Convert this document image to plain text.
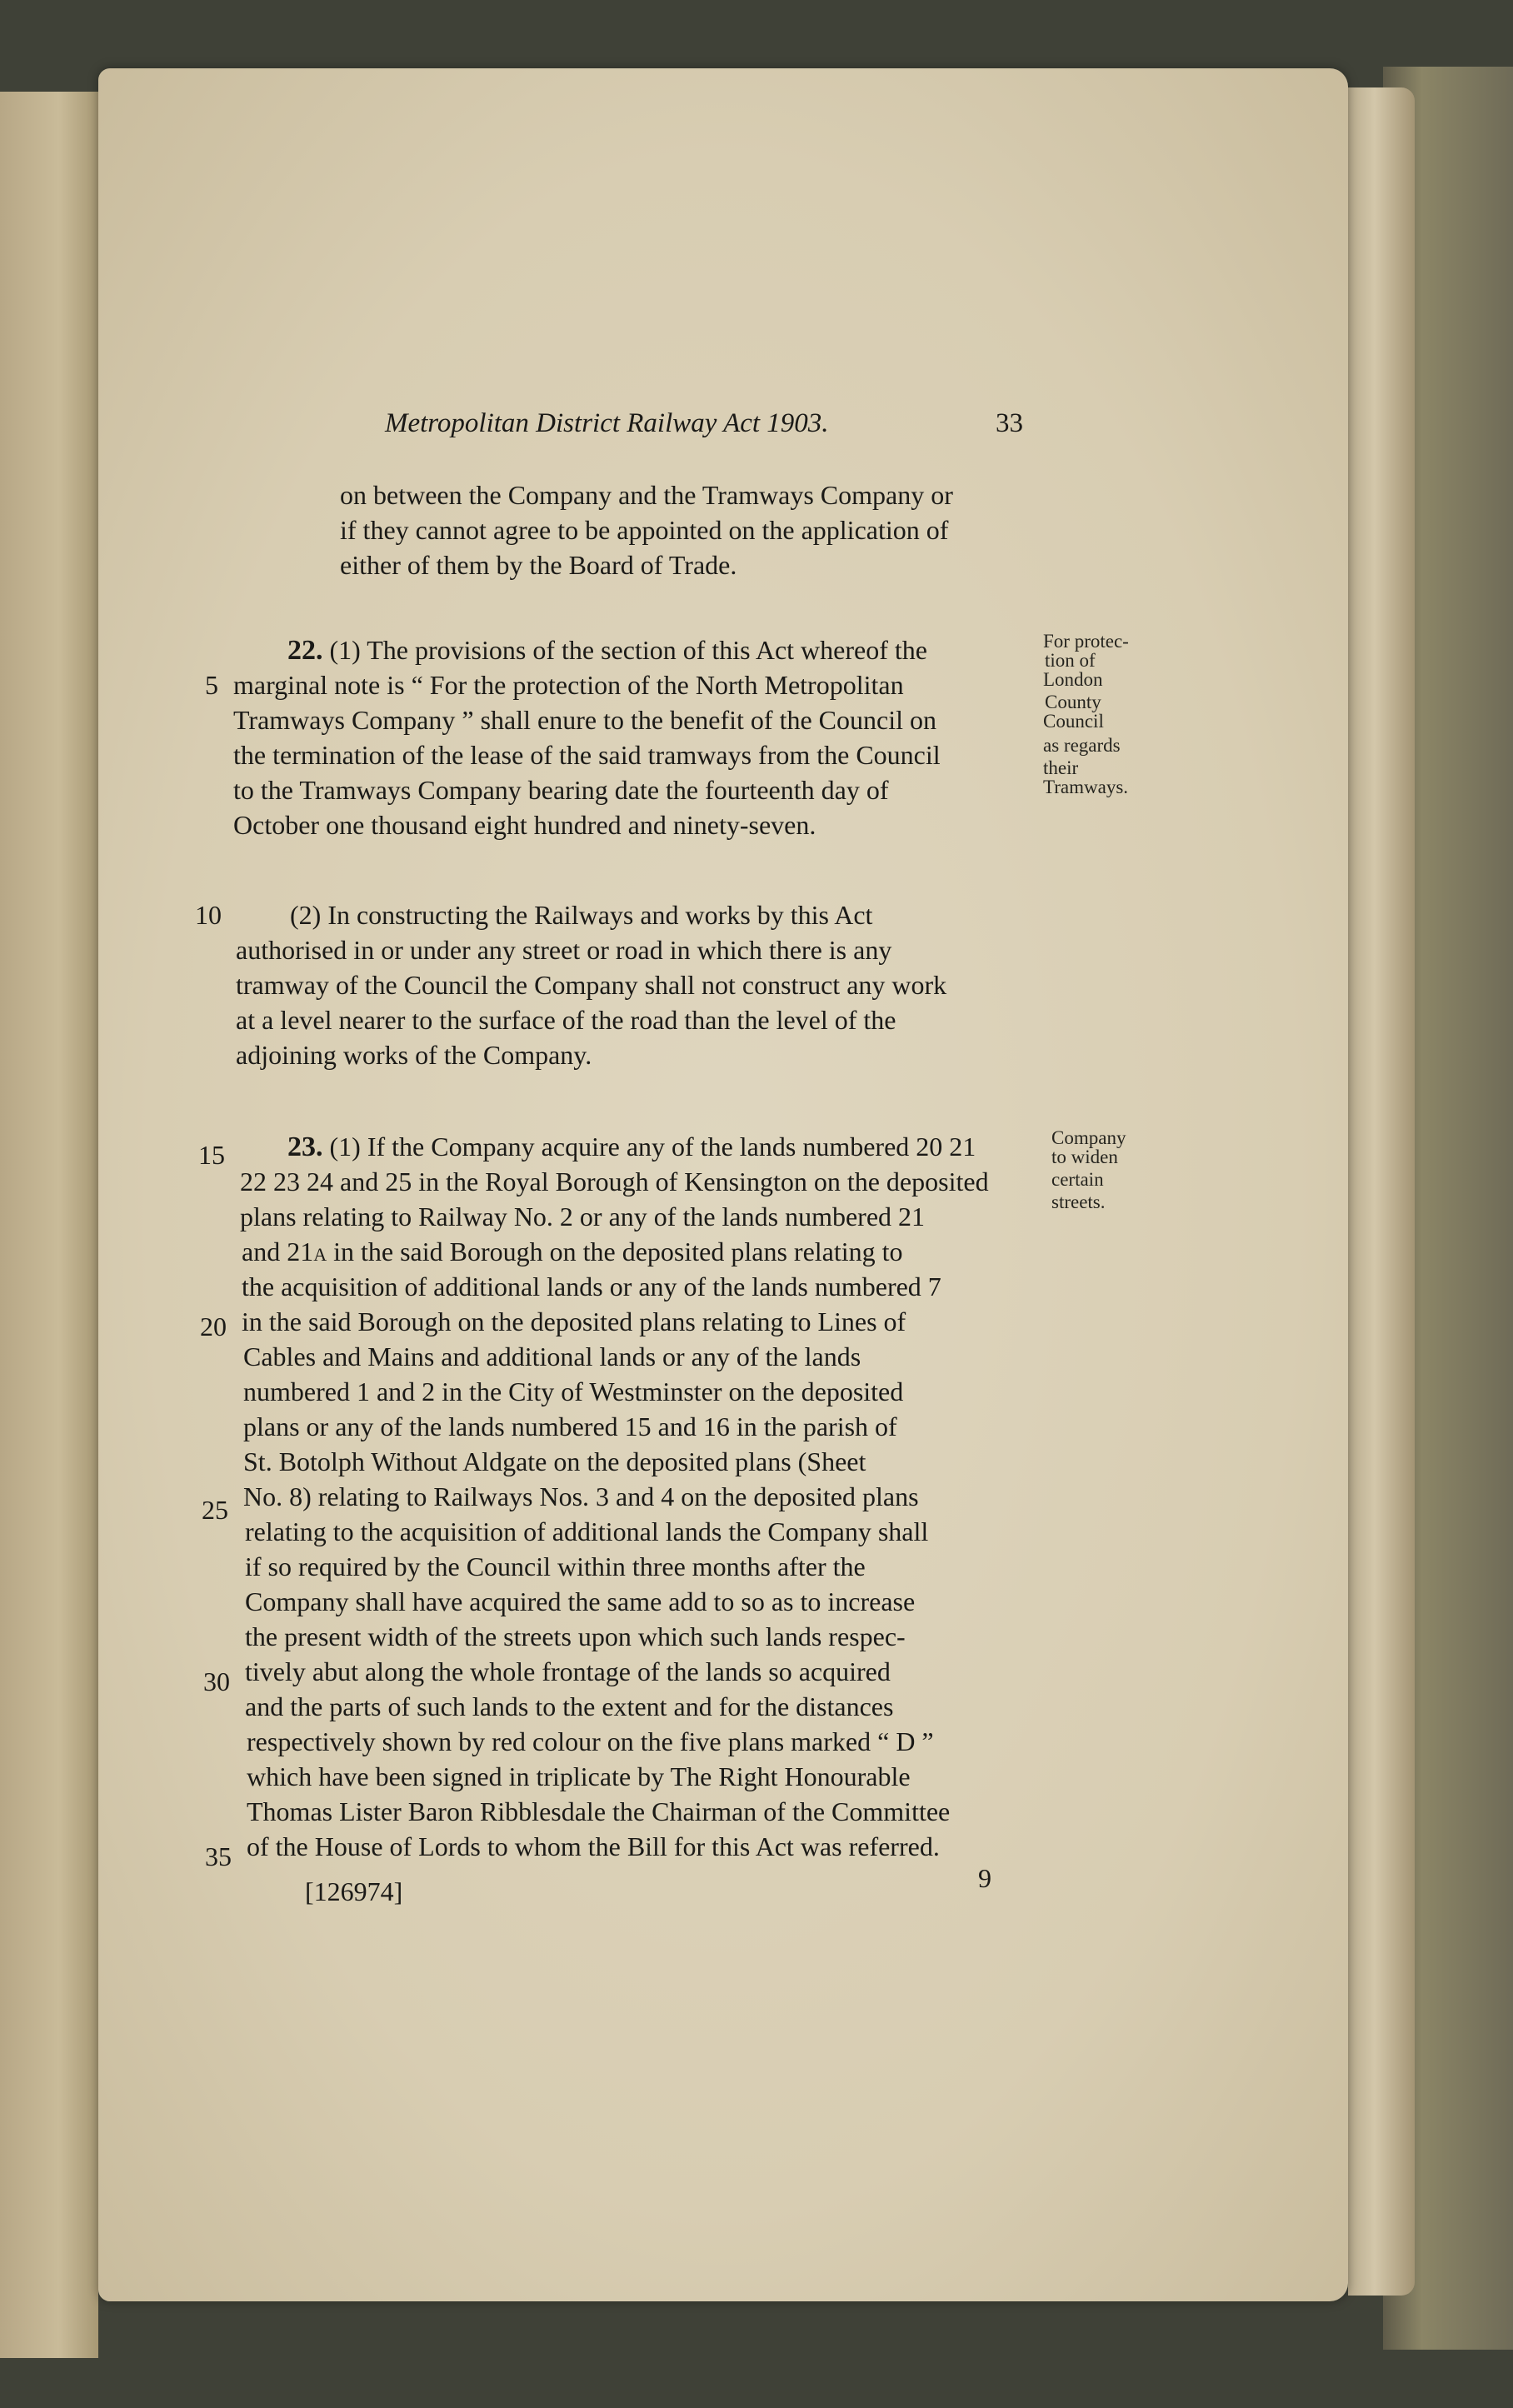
Metropolitan District Railway Act 1903.	33
on between the Company and the Tramways Company or
if they cannot agree to be appointed on the application of
either of them by the Board of Trade.
22. (1) The provisions of the section of this Act whereof the
marginal note is “ For the protection of the North Metropolitan
Tramways Company ” shall enure to the benefit of the Council on
the termination of the lease of the said tramways from the Council
to the Tramways Company bearing date the fourteenth day of
October one thousand eight hundred and ninety-seven.
For protec-
tion of
London
County
Council
as regards
their
Tramways.
(2) In constructing the Railways and works by this Act
authorised in or under any street or road in which there is any
tramway of the Council the Company shall not construct any work
at a level nearer to the surface of the road than the level of the
adjoining works of the Company.
23. (1) If the Company acquire any of the lands numbered 20 21
22 23 24 and 25 in the Royal Borough of Kensington on the deposited
plans relating to Railway No. 2 or any of the lands numbered 21
and 21A in the said Borough on the deposited plans relating to
the acquisition of additional lands or any of the lands numbered 7
in the said Borough on the deposited plans relating to Lines of
Cables and Mains and additional lands or any of the lands
numbered 1 and 2 in the City of Westminster on the deposited
plans or any of the lands numbered 15 and 16 in the parish of
St. Botolph Without Aldgate on the deposited plans (Sheet
No. 8) relating to Railways Nos. 3 and 4 on the deposited plans
relating to the acquisition of additional lands the Company shall
if so required by the Council within three months after the
Company shall have acquired the same add to so as to increase
the present width of the streets upon which such lands respec-
tively abut along the whole frontage of the lands so acquired
and the parts of such lands to the extent and for the distances
respectively shown by red colour on the five plans marked “ D ”
which have been signed in triplicate by The Right Honourable
Thomas Lister Baron Ribblesdale the Chairman of the Committee
of the House of Lords to whom the Bill for this Act was referred.
Company
to widen
certain
streets.
5
10
15
20
25
30
35
[126974]	9
